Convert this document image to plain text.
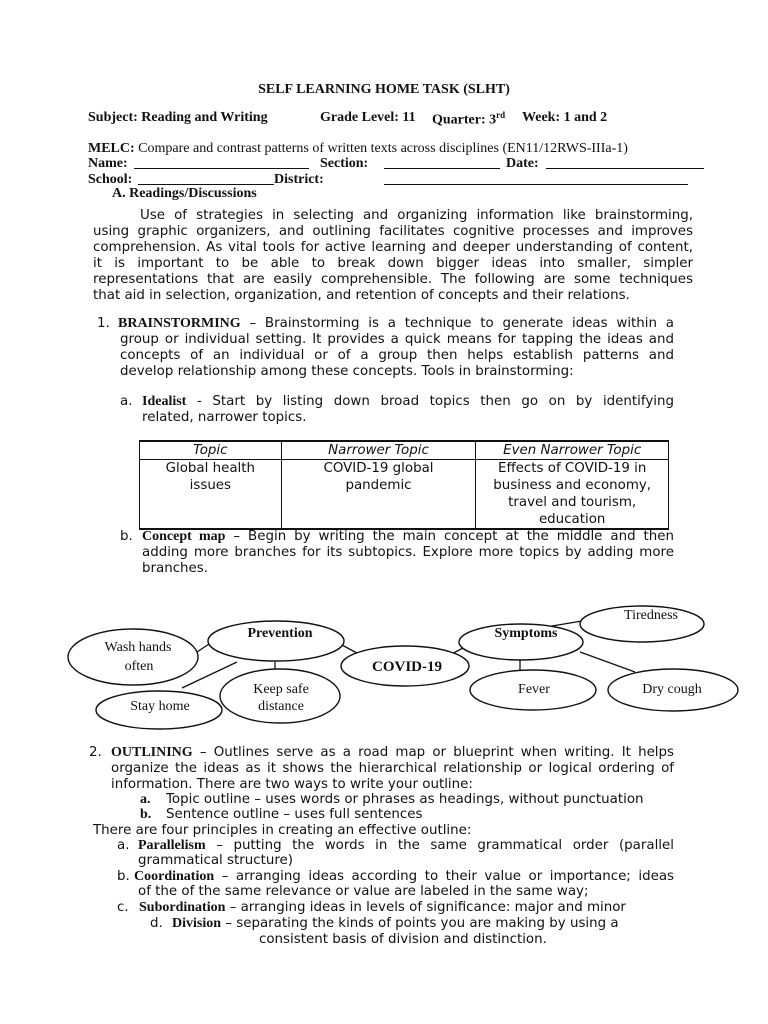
SELF LEARNING HOME TASK (SLHT)
Subject: Reading and Writing	Grade Level: 11 Quarter: 3rd Week: 1 and 2
MELC: Compare and contrast patterns of written texts across disciplines (EN11/12RWS-IIIa-1)
Name:	Section:	Date:
School:	District:
A. Readings/Discussions
Use of strategies in selecting and organizing information like brainstorming,
using graphic organizers, and outlining facilitates cognitive processes and improves
comprehension. As vital tools for active learning and deeper understanding of content,
it is important to be able to break down bigger ideas into smaller, simpler
representations that are easily comprehensible. The following are some techniques
that aid in selection, organization, and retention of concepts and their relations.
1. BRAINSTORMING – Brainstorming is a technique to generate ideas within a
group or individual setting. It provides a quick means for tapping the ideas and
concepts of an individual or of a group then helps establish patterns and
develop relationship among these concepts. Tools in brainstorming:
a. Idealist - Start by listing down broad topics then go on by identifying
related, narrower topics.
Topic	Narrower Topic	Even Narrower Topic
Global health issues	COVID-19 global pandemic	Effects of COVID-19 in business and economy, travel and tourism, education
b. Concept map – Begin by writing the main concept at the middle and then
adding more branches for its subtopics. Explore more topics by adding more
branches.
Prevention	Symptoms
Tiredness
Wash hands
often	COVID-19
Keep safe
distance
Stay home
Fever	Dry cough
2. OUTLINING – Outlines serve as a road map or blueprint when writing. It helps
organize the ideas as it shows the hierarchical relationship or logical ordering of
information. There are two ways to write your outline:
a. Topic outline – uses words or phrases as headings, without punctuation
b. Sentence outline – uses full sentences
There are four principles in creating an effective outline:
a. Parallelism – putting the words in the same grammatical order (parallel
grammatical structure)
b. Coordination – arranging ideas according to their value or importance; ideas
of the of the same relevance or value are labeled in the same way;
c. Subordination – arranging ideas in levels of significance: major and minor
d. Division – separating the kinds of points you are making by using a
consistent basis of division and distinction.
